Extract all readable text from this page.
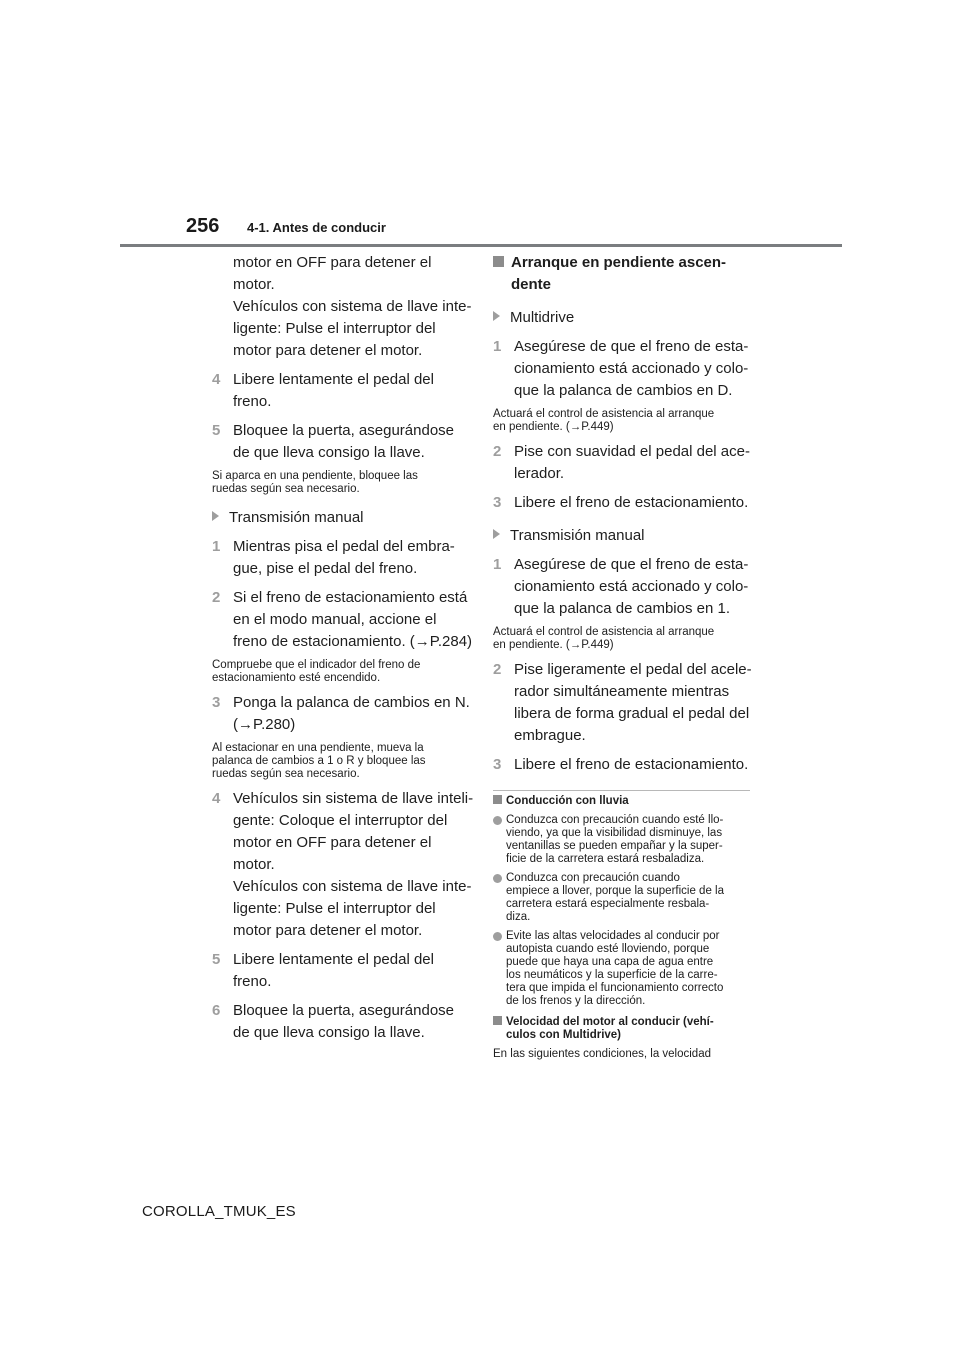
256 4-1. Antes de conducir
motor en OFF para detener el
motor.
Vehículos con sistema de llave inte-
ligente: Pulse el interruptor del
motor para detener el motor.
4 Libere lentamente el pedal del
freno.
5 Bloquee la puerta, asegurándose
de que lleva consigo la llave.
Si aparca en una pendiente, bloquee las
ruedas según sea necesario.
Transmisión manual
1 Mientras pisa el pedal del embra-
gue, pise el pedal del freno.
2 Si el freno de estacionamiento está
en el modo manual, accione el
freno de estacionamiento. (→P.284)
Compruebe que el indicador del freno de
estacionamiento esté encendido.
3 Ponga la palanca de cambios en N.
(→P.280)
Al estacionar en una pendiente, mueva la
palanca de cambios a 1 o R y bloquee las
ruedas según sea necesario.
4 Vehículos sin sistema de llave inteli-
gente: Coloque el interruptor del
motor en OFF para detener el
motor.
Vehículos con sistema de llave inte-
ligente: Pulse el interruptor del
motor para detener el motor.
5 Libere lentamente el pedal del
freno.
6 Bloquee la puerta, asegurándose
de que lleva consigo la llave.
Arranque en pendiente ascen-
dente
Multidrive
1 Asegúrese de que el freno de esta-
cionamiento está accionado y colo-
que la palanca de cambios en D.
Actuará el control de asistencia al arranque
en pendiente. (→P.449)
2 Pise con suavidad el pedal del ace-
lerador.
3 Libere el freno de estacionamiento.
Transmisión manual
1 Asegúrese de que el freno de esta-
cionamiento está accionado y colo-
que la palanca de cambios en 1.
Actuará el control de asistencia al arranque
en pendiente. (→P.449)
2 Pise ligeramente el pedal del acele-
rador simultáneamente mientras
libera de forma gradual el pedal del
embrague.
3 Libere el freno de estacionamiento.
Conducción con lluvia
Conduzca con precaución cuando esté llo-
viendo, ya que la visibilidad disminuye, las
ventanillas se pueden empañar y la super-
ficie de la carretera estará resbaladiza.
Conduzca con precaución cuando
empiece a llover, porque la superficie de la
carretera estará especialmente resbala-
diza.
Evite las altas velocidades al conducir por
autopista cuando esté lloviendo, porque
puede que haya una capa de agua entre
los neumáticos y la superficie de la carre-
tera que impida el funcionamiento correcto
de los frenos y la dirección.
Velocidad del motor al conducir (vehí-
culos con Multidrive)
En las siguientes condiciones, la velocidad
COROLLA_TMUK_ES
